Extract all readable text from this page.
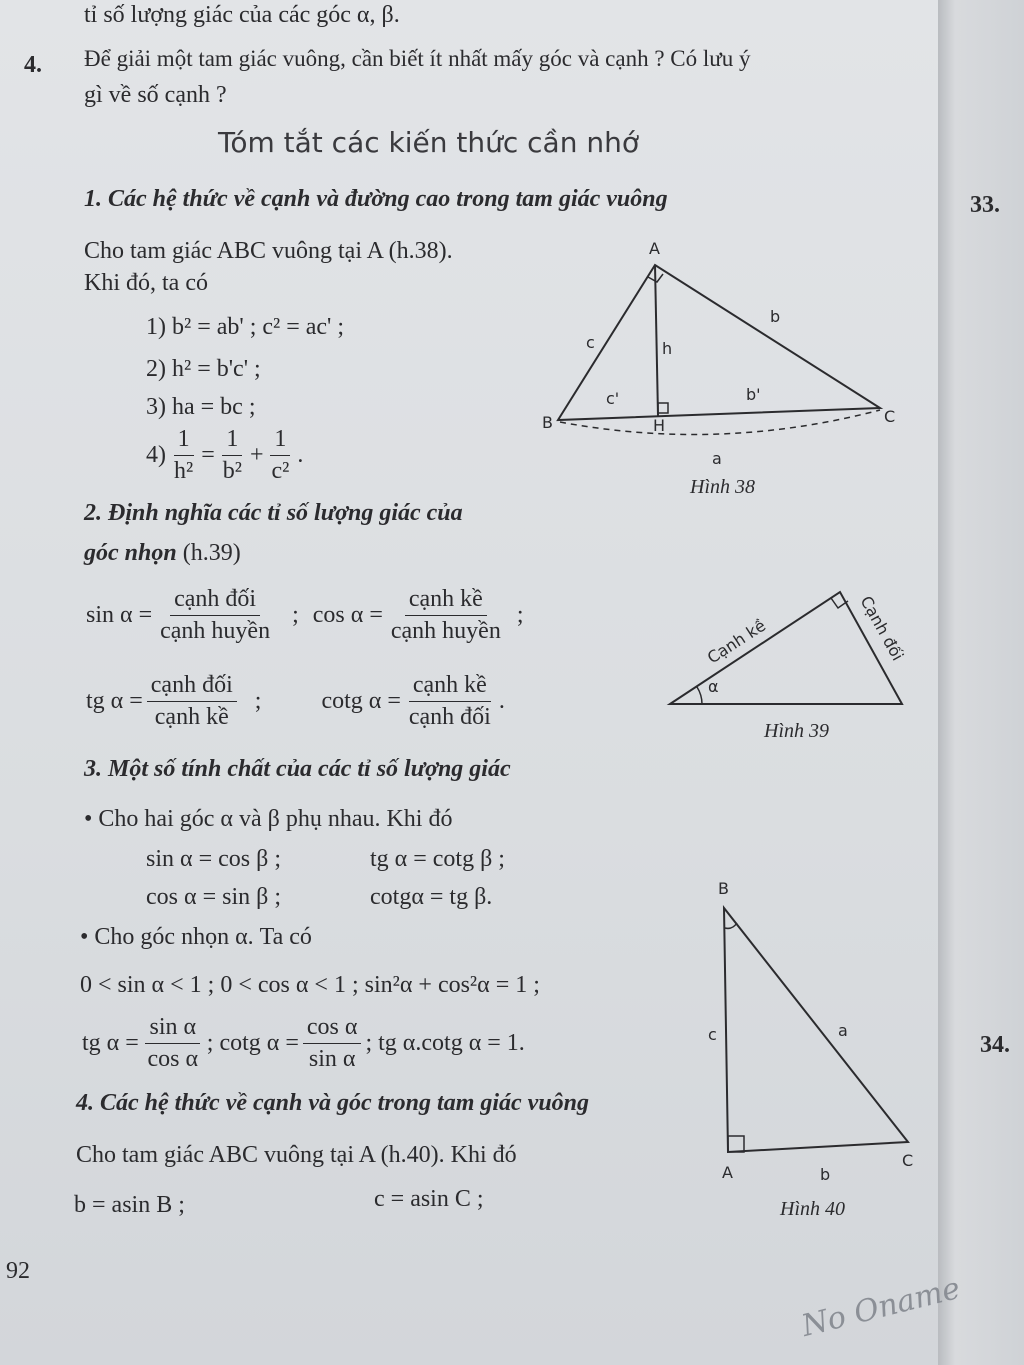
tỉ số lượng giác của các góc α, β.
4. Để giải một tam giác vuông, cần biết ít nhất mấy góc và cạnh ? Có lưu ý
gì về số cạnh ?
Tóm tắt các kiến thức cần nhớ
1. Các hệ thức về cạnh và đường cao trong tam giác vuông
Cho tam giác ABC vuông tại A (h.38).
Khi đó, ta có
1) b² = ab' ; c² = ac' ;
2) h² = b'c' ;
3) ha = bc ;
$4) \frac{1}{\text{h²}} = \frac{1}{\text{b²}} + \frac{1}{\text{c²}}$ .
A
B	C
H
b
c	h
b'
c'
a
Hình 38
2. Định nghĩa các tỉ số lượng giác của
góc nhọn (h.39)
$\sin \alpha = \frac{\text{cạnh đối}}{\text{cạnh huyền}}$ ; $\cos \alpha = \frac{\text{cạnh kề}}{\text{cạnh huyền}}$ ;
tg $\alpha = \frac{\text{cạnh đối}}{\text{cạnh kề}}$ ;	cotg $\alpha = \frac{\text{cạnh kề}}{\text{cạnh đối}}$ .
α
Cạnh kề	Cạnh đối
Hình 39
3. Một số tính chất của các tỉ số lượng giác
• Cho hai góc α và β phụ nhau. Khi đó
sin α = cos β ;	tg α = cotg β ;
cos α = sin β ;	cotgα = tg β.
• Cho góc nhọn α. Ta có
0 < sin α < 1 ; 0 < cos α < 1 ; sin²α + cos²α = 1 ;
tg $\alpha = \frac{\text{sin α}}{\text{cos α}}$ ; cotg $\alpha = \frac{\text{cos α}}{\text{sin α}}$ ; tg α.cotg α = 1.
4. Các hệ thức về cạnh và góc trong tam giác vuông
Cho tam giác ABC vuông tại A (h.40). Khi đó
b = asin B ;	c = asin C ;
B
A
C
c	a
b
Hình 40
33.
34.
92	No Oname
